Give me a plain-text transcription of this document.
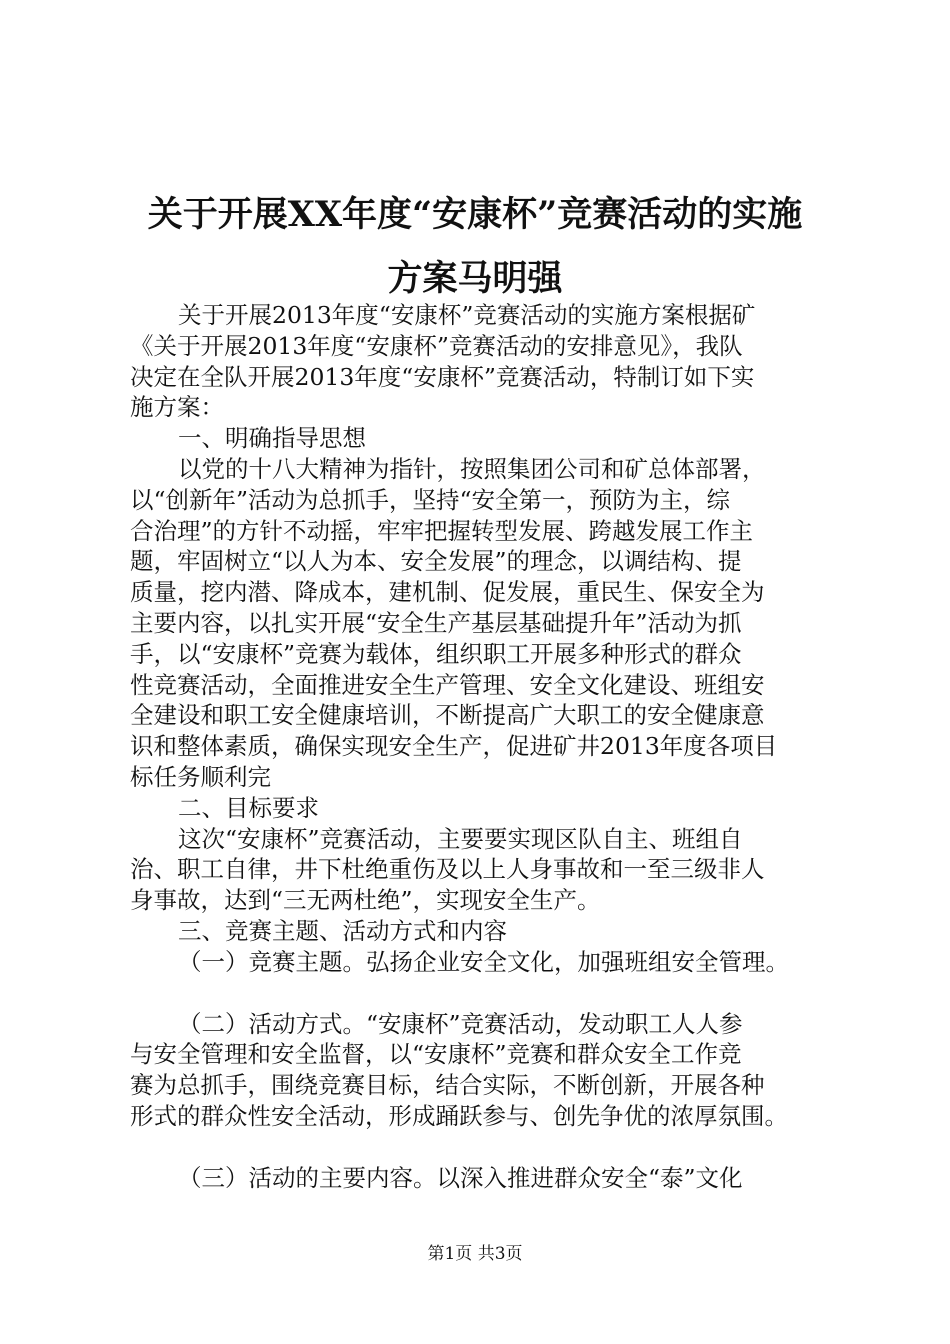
关于开展XX年度“安康杯”竞赛活动的实施
方案马明强

关于开展2013年度“安康杯”竞赛活动的实施方案根据矿
《关于开展2013年度“安康杯”竞赛活动的安排意见》，我队
决定在全队开展2013年度“安康杯”竞赛活动，特制订如下实
施方案：

一、明确指导思想

以党的十八大精神为指针，按照集团公司和矿总体部署，
以“创新年”活动为总抓手，坚持“安全第一，预防为主，综
合治理”的方针不动摇，牢牢把握转型发展、跨越发展工作主
题，牢固树立“以人为本、安全发展”的理念，以调结构、提
质量，挖内潜、降成本，建机制、促发展，重民生、保安全为
主要内容，以扎实开展“安全生产基层基础提升年”活动为抓
手，以“安康杯”竞赛为载体，组织职工开展多种形式的群众
性竞赛活动，全面推进安全生产管理、安全文化建设、班组安
全建设和职工安全健康培训，不断提高广大职工的安全健康意
识和整体素质，确保实现安全生产，促进矿井2013年度各项目
标任务顺利完

二、目标要求

这次“安康杯”竞赛活动，主要要实现区队自主、班组自
治、职工自律，井下杜绝重伤及以上人身事故和一至三级非人
身事故，达到“三无两杜绝”，实现安全生产。

三、竞赛主题、活动方式和内容

（一）竞赛主题。弘扬企业安全文化，加强班组安全管理。

（二）活动方式。“安康杯”竞赛活动，发动职工人人参
与安全管理和安全监督，以“安康杯”竞赛和群众安全工作竞
赛为总抓手，围绕竞赛目标，结合实际，不断创新，开展各种
形式的群众性安全活动，形成踊跃参与、创先争优的浓厚氛围。

（三）活动的主要内容。以深入推进群众安全“泰”文化

第1页 共3页
